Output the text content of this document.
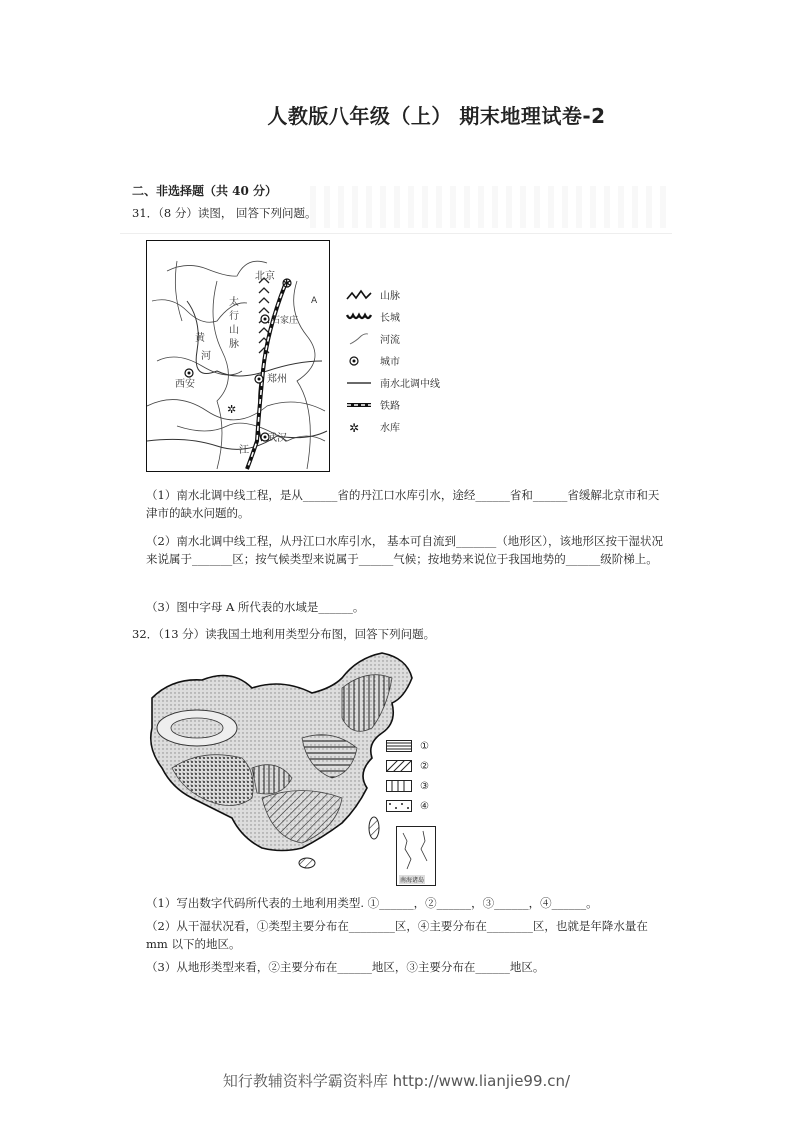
人教版八年级（上） 期末地理试卷-2
二、非选择题（共 40 分）
31．（8 分）读图， 回答下列问题。
✲
✲
北京
A
太
行
山
脉
石家庄
黄
河
西安	郑州
武汉
江
山脉
长城
河流
城市
南水北调中线
铁路
✲ 水库
（1）南水北调中线工程，是从______省的丹江口水库引水，途经______省和______省缓解北京市和天津市的缺水问题的。
（2）南水北调中线工程，从丹江口水库引水， 基本可自流到_______（地形区），该地形区按干湿状况来说属于_______区；按气候类型来说属于______气候；按地势来说位于我国地势的______级阶梯上。
（3）图中字母 A 所代表的水域是______。
32．（13 分）读我国土地利用类型分布图，回答下列问题。
①
②
③
④
南海诸岛
（1）写出数字代码所代表的土地利用类型. ①______，②______，③______，④______。
（2）从干湿状况看，①类型主要分布在________区，④主要分布在________区，也就是年降水量在 mm 以下的地区。
（3）从地形类型来看，②主要分布在______地区，③主要分布在______地区。
知行教辅资料学霸资料库 http://www.lianjie99.cn/
